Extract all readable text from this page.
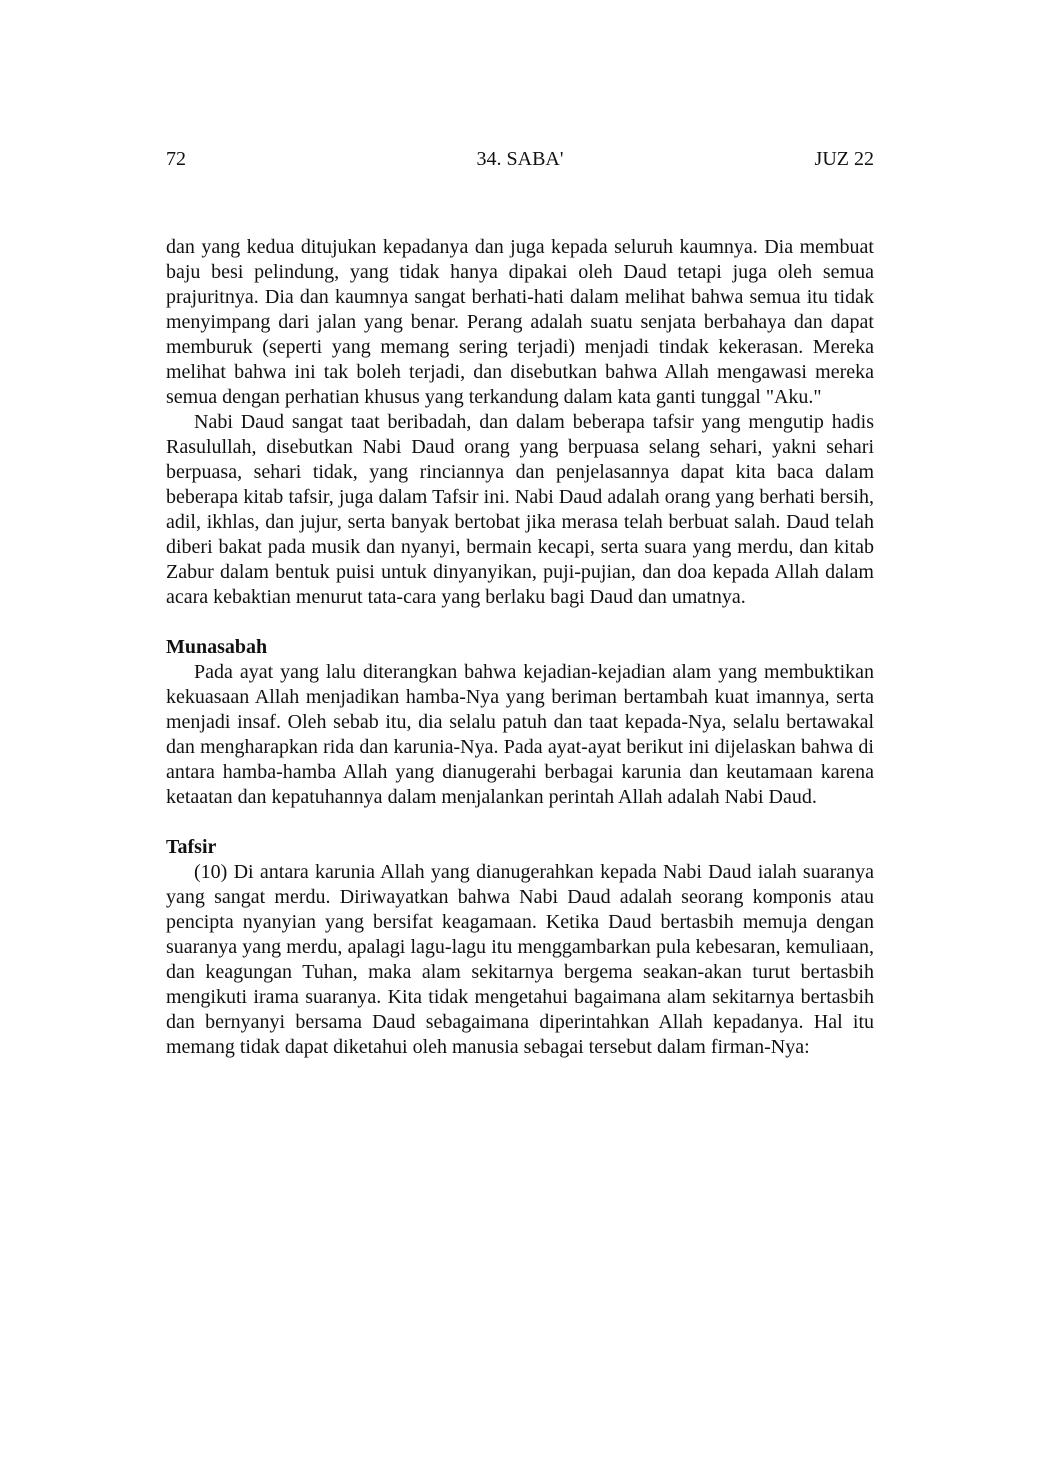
72	34. SABA'	JUZ 22

dan yang kedua ditujukan kepadanya dan juga kepada seluruh kaumnya. Dia membuat baju besi pelindung, yang tidak hanya dipakai oleh Daud tetapi juga oleh semua prajuritnya. Dia dan kaumnya sangat berhati-hati dalam melihat bahwa semua itu tidak menyimpang dari jalan yang benar. Perang adalah suatu senjata berbahaya dan dapat memburuk (seperti yang memang sering terjadi) menjadi tindak kekerasan. Mereka melihat bahwa ini tak boleh terjadi, dan disebutkan bahwa Allah mengawasi mereka semua dengan perhatian khusus yang terkandung dalam kata ganti tunggal "Aku."

Nabi Daud sangat taat beribadah, dan dalam beberapa tafsir yang mengutip hadis Rasulullah, disebutkan Nabi Daud orang yang berpuasa selang sehari, yakni sehari berpuasa, sehari tidak, yang rinciannya dan penjelasannya dapat kita baca dalam beberapa kitab tafsir, juga dalam Tafsir ini. Nabi Daud adalah orang yang berhati bersih, adil, ikhlas, dan jujur, serta banyak bertobat jika merasa telah berbuat salah. Daud telah diberi bakat pada musik dan nyanyi, bermain kecapi, serta suara yang merdu, dan kitab Zabur dalam bentuk puisi untuk dinyanyikan, puji-pujian, dan doa kepada Allah dalam acara kebaktian menurut tata-cara yang berlaku bagi Daud dan umatnya.

Munasabah

Pada ayat yang lalu diterangkan bahwa kejadian-kejadian alam yang membuktikan kekuasaan Allah menjadikan hamba-Nya yang beriman bertambah kuat imannya, serta menjadi insaf. Oleh sebab itu, dia selalu patuh dan taat kepada-Nya, selalu bertawakal dan mengharapkan rida dan karunia-Nya. Pada ayat-ayat berikut ini dijelaskan bahwa di antara hamba-hamba Allah yang dianugerahi berbagai karunia dan keutamaan karena ketaatan dan kepatuhannya dalam menjalankan perintah Allah adalah Nabi Daud.

Tafsir

(10) Di antara karunia Allah yang dianugerahkan kepada Nabi Daud ialah suaranya yang sangat merdu. Diriwayatkan bahwa Nabi Daud adalah seorang komponis atau pencipta nyanyian yang bersifat keagamaan. Ketika Daud bertasbih memuja dengan suaranya yang merdu, apalagi lagu-lagu itu menggambarkan pula kebesaran, kemuliaan, dan keagungan Tuhan, maka alam sekitarnya bergema seakan-akan turut bertasbih mengikuti irama suaranya. Kita tidak mengetahui bagaimana alam sekitarnya bertasbih dan bernyanyi bersama Daud sebagaimana diperintahkan Allah kepadanya. Hal itu memang tidak dapat diketahui oleh manusia sebagai tersebut dalam firman-Nya:
